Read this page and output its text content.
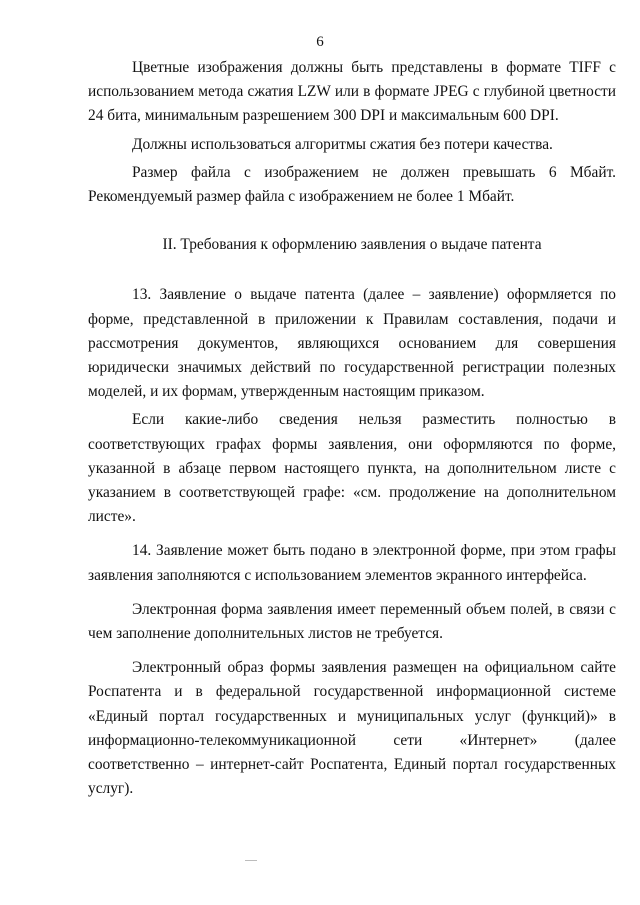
6

Цветные изображения должны быть представлены в формате TIFF с использованием метода сжатия LZW или в формате JPEG с глубиной цветности 24 бита, минимальным разрешением 300 DPI и максимальным 600 DPI.

Должны использоваться алгоритмы сжатия без потери качества.

Размер файла с изображением не должен превышать 6 Мбайт. Рекомендуемый размер файла с изображением не более 1 Мбайт.

II. Требования к оформлению заявления о выдаче патента

13. Заявление о выдаче патента (далее – заявление) оформляется по форме, представленной в приложении к Правилам составления, подачи и рассмотрения документов, являющихся основанием для совершения юридически значимых действий по государственной регистрации полезных моделей, и их формам, утвержденным настоящим приказом.

Если какие-либо сведения нельзя разместить полностью в соответствующих графах формы заявления, они оформляются по форме, указанной в абзаце первом настоящего пункта, на дополнительном листе с указанием в соответствующей графе: «см. продолжение на дополнительном листе».

14. Заявление может быть подано в электронной форме, при этом графы заявления заполняются с использованием элементов экранного интерфейса.

Электронная форма заявления имеет переменный объем полей, в связи с чем заполнение дополнительных листов не требуется.

Электронный образ формы заявления размещен на официальном сайте Роспатента и в федеральной государственной информационной системе «Единый портал государственных и муниципальных услуг (функций)» в информационно-телекоммуникационной сети «Интернет» (далее соответственно – интернет-сайт Роспатента, Единый портал государственных услуг).
